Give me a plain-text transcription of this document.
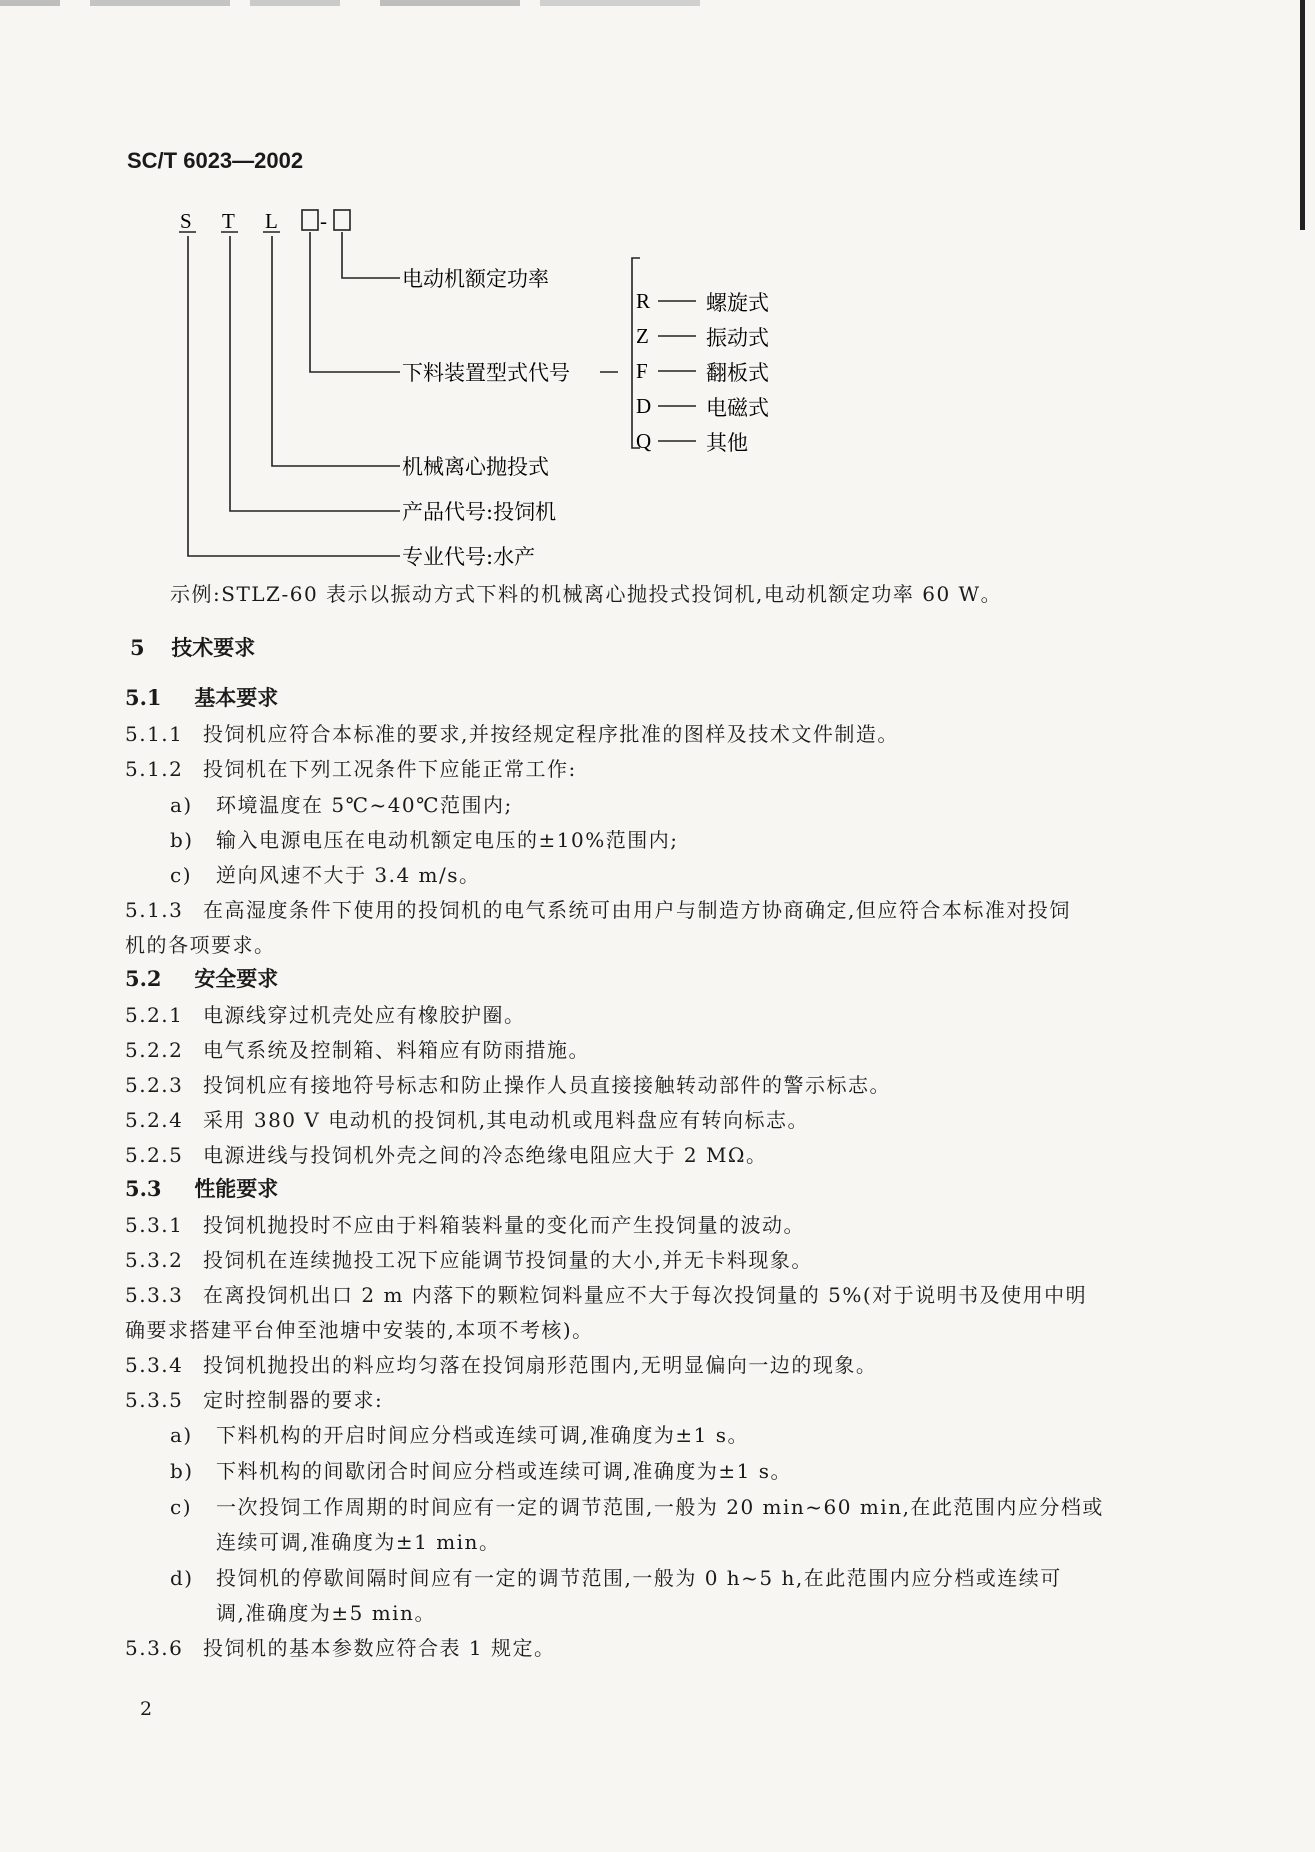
SC/T 6023—2002
S T L -
电动机额定功率
下料装置型式代号
机械离心抛投式
产品代号:投饲机
专业代号:水产
R	螺旋式
Z	振动式
F	翻板式
D	电磁式
Q	其他
示例:STLZ-60 表示以振动方式下料的机械离心抛投式投饲机,电动机额定功率 60 W。
5 技术要求
5.1 基本要求
5.1.1 投饲机应符合本标准的要求,并按经规定程序批准的图样及技术文件制造。
5.1.2 投饲机在下列工况条件下应能正常工作:
a) 环境温度在 5℃~40℃范围内;
b) 输入电源电压在电动机额定电压的±10%范围内;
c) 逆向风速不大于 3.4 m/s。
5.1.3 在高湿度条件下使用的投饲机的电气系统可由用户与制造方协商确定,但应符合本标准对投饲
机的各项要求。
5.2 安全要求
5.2.1 电源线穿过机壳处应有橡胶护圈。
5.2.2 电气系统及控制箱、料箱应有防雨措施。
5.2.3 投饲机应有接地符号标志和防止操作人员直接接触转动部件的警示标志。
5.2.4 采用 380 V 电动机的投饲机,其电动机或甩料盘应有转向标志。
5.2.5 电源进线与投饲机外壳之间的冷态绝缘电阻应大于 2 MΩ。
5.3 性能要求
5.3.1 投饲机抛投时不应由于料箱装料量的变化而产生投饲量的波动。
5.3.2 投饲机在连续抛投工况下应能调节投饲量的大小,并无卡料现象。
5.3.3 在离投饲机出口 2 m 内落下的颗粒饲料量应不大于每次投饲量的 5%(对于说明书及使用中明
确要求搭建平台伸至池塘中安装的,本项不考核)。
5.3.4 投饲机抛投出的料应均匀落在投饲扇形范围内,无明显偏向一边的现象。
5.3.5 定时控制器的要求:
a) 下料机构的开启时间应分档或连续可调,准确度为±1 s。
b) 下料机构的间歇闭合时间应分档或连续可调,准确度为±1 s。
c) 一次投饲工作周期的时间应有一定的调节范围,一般为 20 min~60 min,在此范围内应分档或
连续可调,准确度为±1 min。
d) 投饲机的停歇间隔时间应有一定的调节范围,一般为 0 h~5 h,在此范围内应分档或连续可
调,准确度为±5 min。
5.3.6 投饲机的基本参数应符合表 1 规定。
2
